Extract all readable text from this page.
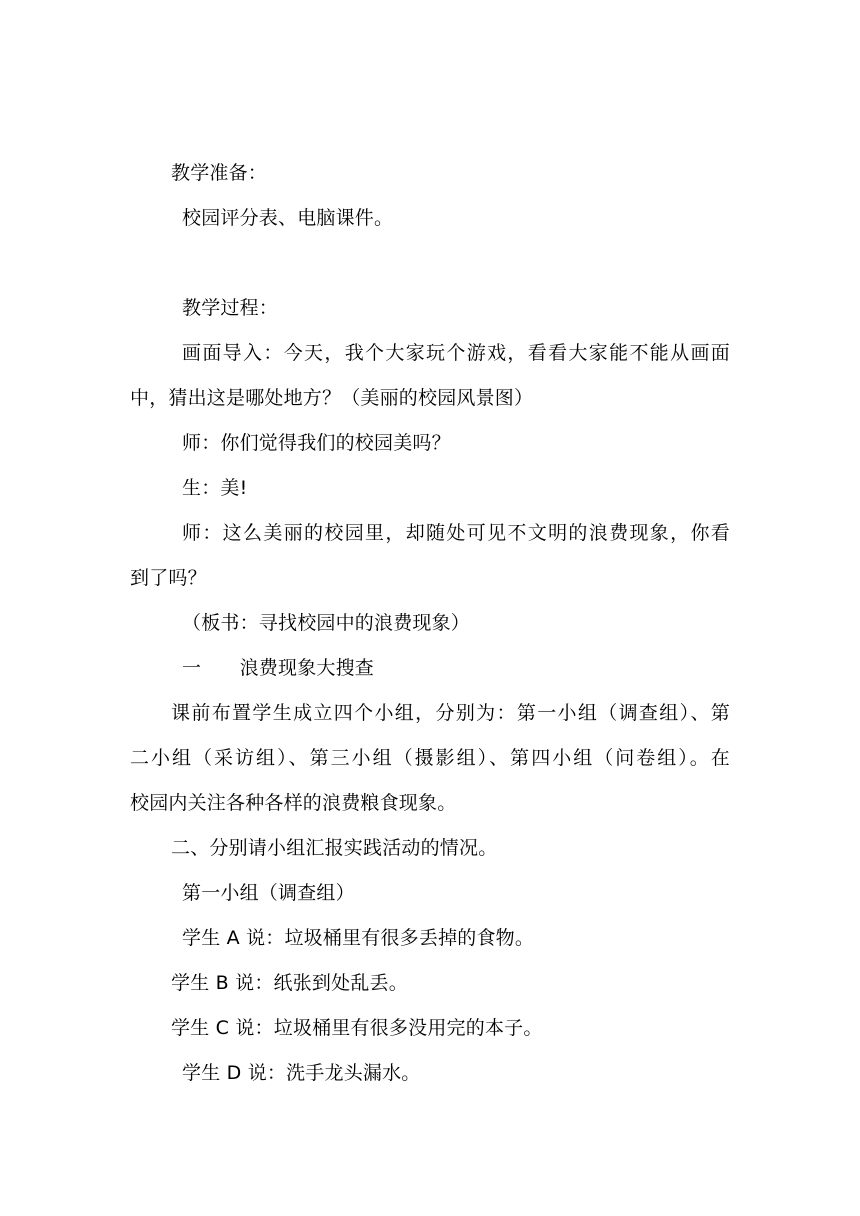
教学准备：
校园评分表、电脑课件。
教学过程：
画面导入：今天，我个大家玩个游戏，看看大家能不能从画面
中，猜出这是哪处地方？（美丽的校园风景图）
师：你们觉得我们的校园美吗？
生：美!
师：这么美丽的校园里，却随处可见不文明的浪费现象，你看
到了吗？
（板书：寻找校园中的浪费现象）
一　　浪费现象大搜查
课前布置学生成立四个小组，分别为：第一小组（调查组）、第
二小组（采访组）、第三小组（摄影组）、第四小组（问卷组）。在
校园内关注各种各样的浪费粮食现象。
二、分别请小组汇报实践活动的情况。
第一小组（调查组）
学生 A 说：垃圾桶里有很多丢掉的食物。
学生 B 说：纸张到处乱丢。
学生 C 说：垃圾桶里有很多没用完的本子。
学生 D 说：洗手龙头漏水。
